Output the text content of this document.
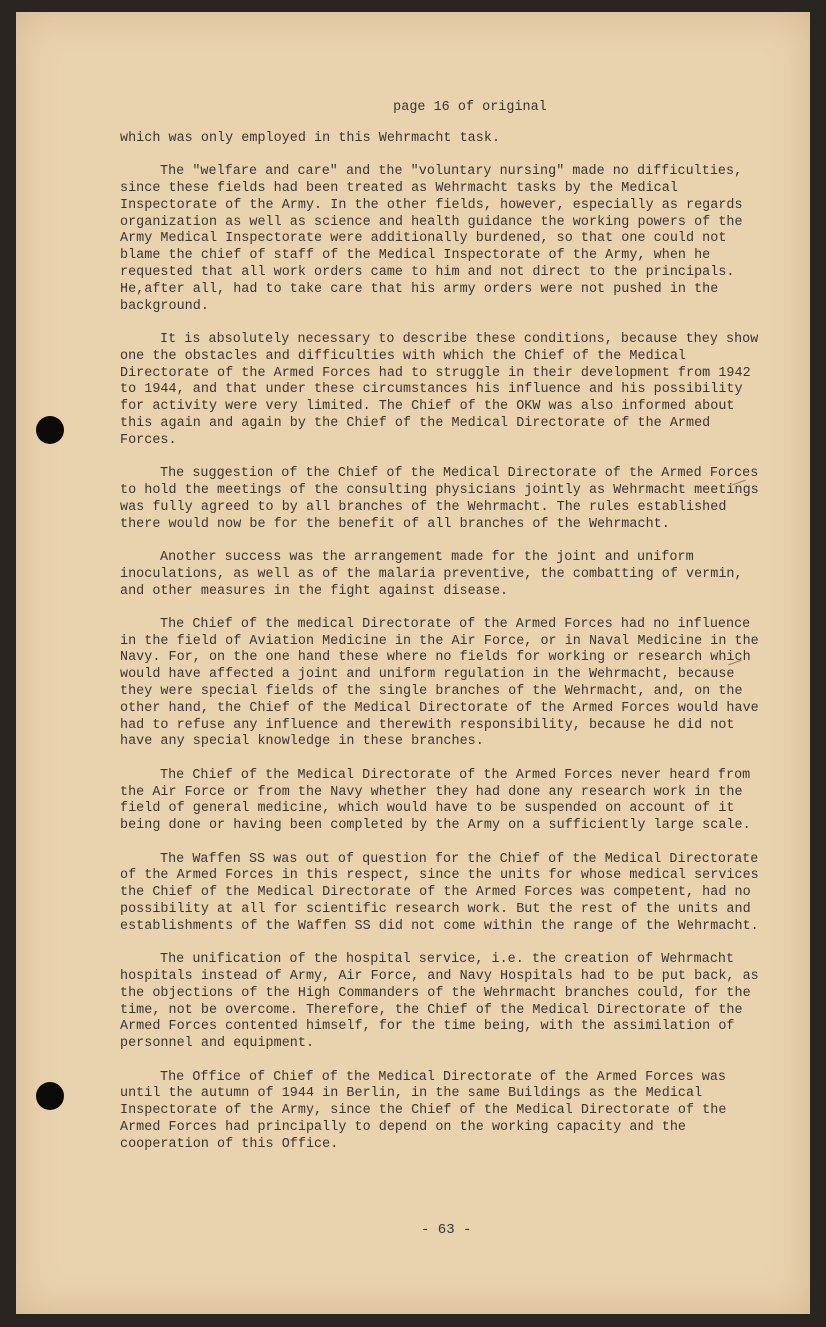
page 16 of original
which was only employed in this Wehrmacht task.
The "welfare and care" and the "voluntary nursing" made no difficulties, since these fields had been treated as Wehrmacht tasks by the Medical Inspectorate of the Army. In the other fields, however, especially as regards organization as well as science and health guidance the working powers of the Army Medical Inspectorate were additionally burdened, so that one could not blame the chief of staff of the Medical Inspectorate of the Army, when he requested that all work orders came to him and not direct to the principals. He,after all, had to take care that his army orders were not pushed in the background.
It is absolutely necessary to describe these conditions, because they show one the obstacles and difficulties with which the Chief of the Medical Directorate of the Armed Forces had to struggle in their development from 1942 to 1944, and that under these circumstances his influence and his possibility for activity were very limited. The Chief of the OKW was also informed about this again and again by the Chief of the Medical Directorate of the Armed Forces.
The suggestion of the Chief of the Medical Directorate of the Armed Forces to hold the meetings of the consulting physicians jointly as Wehrmacht meetings was fully agreed to by all branches of the Wehrmacht. The rules established there would now be for the benefit of all branches of the Wehrmacht.
Another success was the arrangement made for the joint and uniform inoculations, as well as of the malaria preventive, the combatting of vermin, and other measures in the fight against disease.
The Chief of the medical Directorate of the Armed Forces had no influence in the field of Aviation Medicine in the Air Force, or in Naval Medicine in the Navy. For, on the one hand these where no fields for working or research which would have affected a joint and uniform regulation in the Wehrmacht, because they were special fields of the single branches of the Wehrmacht, and, on the other hand, the Chief of the Medical Directorate of the Armed Forces would have had to refuse any influence and therewith responsibility, because he did not have any special knowledge in these branches.
The Chief of the Medical Directorate of the Armed Forces never heard from the Air Force or from the Navy whether they had done any research work in the field of general medicine, which would have to be suspended on account of it being done or having been completed by the Army on a sufficiently large scale.
The Waffen SS was out of question for the Chief of the Medical Directorate of the Armed Forces in this respect, since the units for whose medical services the Chief of the Medical Directorate of the Armed Forces was competent, had no possibility at all for scientific research work. But the rest of the units and establishments of the Waffen SS did not come within the range of the Wehrmacht.
The unification of the hospital service, i.e. the creation of Wehrmacht hospitals instead of Army, Air Force, and Navy Hospitals had to be put back, as the objections of the High Commanders of the Wehrmacht branches could, for the time, not be overcome. Therefore, the Chief of the Medical Directorate of the Armed Forces contented himself, for the time being, with the assimilation of personnel and equipment.
The Office of Chief of the Medical Directorate of the Armed Forces was until the autumn of 1944 in Berlin, in the same Buildings as the Medical Inspectorate of the Army, since the Chief of the Medical Directorate of the Armed Forces had principally to depend on the working capacity and the cooperation of this Office.
- 63 -
